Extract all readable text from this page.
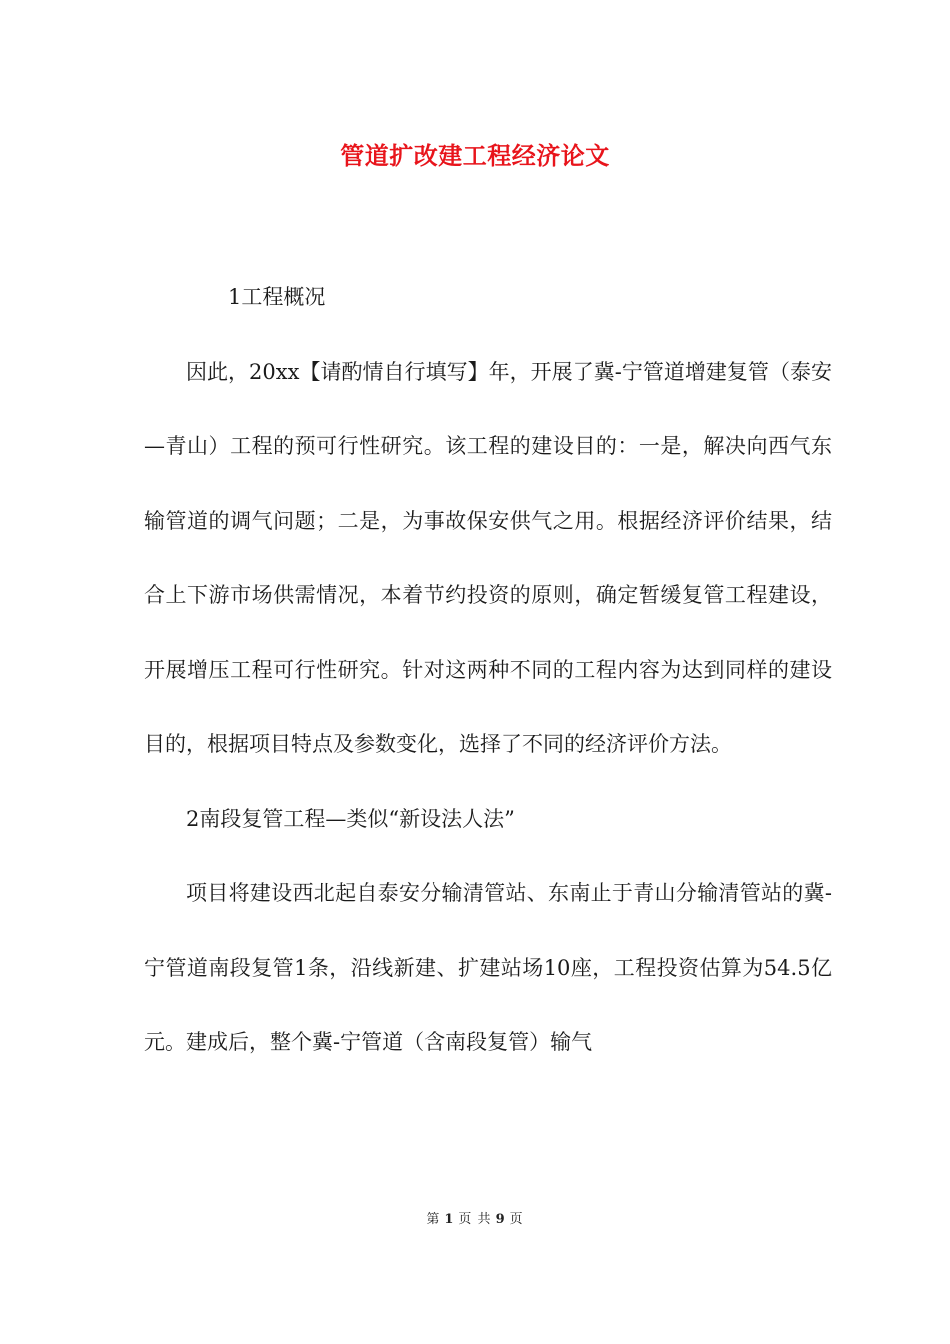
管道扩改建工程经济论文

1工程概况

因此，20xx【请酌情自行填写】年，开展了冀-宁管道增建复管（泰安—青山）工程的预可行性研究。该工程的建设目的：一是，解决向西气东输管道的调气问题；二是，为事故保安供气之用。根据经济评价结果，结合上下游市场供需情况，本着节约投资的原则，确定暂缓复管工程建设，开展增压工程可行性研究。针对这两种不同的工程内容为达到同样的建设目的，根据项目特点及参数变化，选择了不同的经济评价方法。

2南段复管工程—类似“新设法人法”

项目将建设西北起自泰安分输清管站、东南止于青山分输清管站的冀-宁管道南段复管1条，沿线新建、扩建站场10座，工程投资估算为54.5亿元。建成后，整个冀-宁管道（含南段复管）输气

第 1 页 共 9 页
